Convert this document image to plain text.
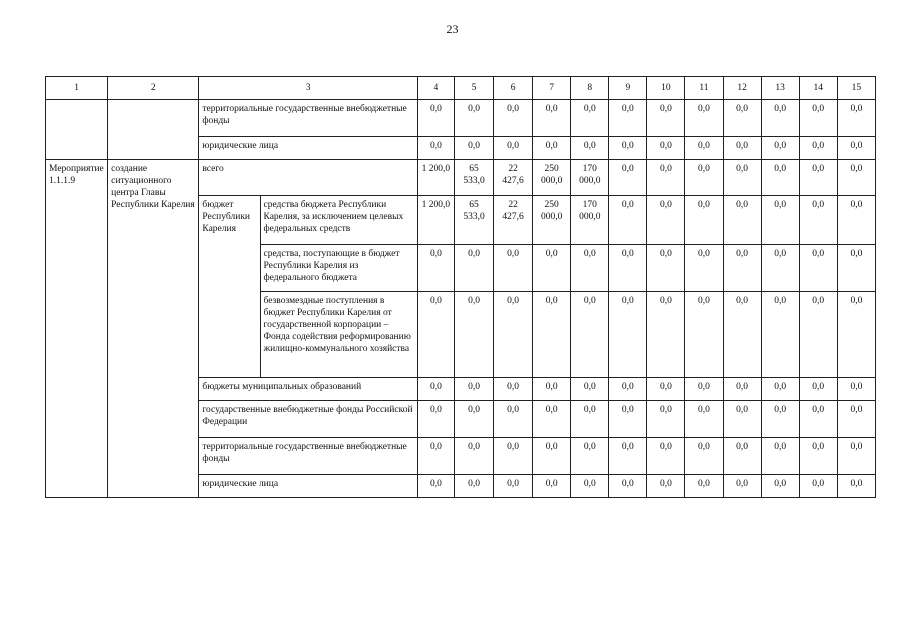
23
1	2	3		4	5	6	7	8	9	10	11	12	13	14	15
		территориальные государственные внебюджетные фонды		0,0	0,0	0,0	0,0	0,0	0,0	0,0	0,0	0,0	0,0	0,0	0,0
		юридические лица		0,0	0,0	0,0	0,0	0,0	0,0	0,0	0,0	0,0	0,0	0,0	0,0
Мероприятие 1.1.1.9	создание ситуационного центра Главы Республики Карелия	всего		1 200,0	65 533,0	22 427,6	250 000,0	170 000,0	0,0	0,0	0,0	0,0	0,0	0,0	0,0
		бюджет Республики Карелия	средства бюджета Республики Карелия, за исключением целевых федеральных средств	1 200,0	65 533,0	22 427,6	250 000,0	170 000,0	0,0	0,0	0,0	0,0	0,0	0,0	0,0
			средства, поступающие в бюджет Республики Карелия из федерального бюджета	0,0	0,0	0,0	0,0	0,0	0,0	0,0	0,0	0,0	0,0	0,0	0,0
			безвозмездные поступления в бюджет Республики Карелия от государственной корпорации – Фонда содействия реформированию жилищно-коммунального хозяйства	0,0	0,0	0,0	0,0	0,0	0,0	0,0	0,0	0,0	0,0	0,0	0,0
		бюджеты муниципальных образований		0,0	0,0	0,0	0,0	0,0	0,0	0,0	0,0	0,0	0,0	0,0	0,0
		государственные внебюджетные фонды Российской Федерации		0,0	0,0	0,0	0,0	0,0	0,0	0,0	0,0	0,0	0,0	0,0	0,0
		территориальные государственные внебюджетные фонды		0,0	0,0	0,0	0,0	0,0	0,0	0,0	0,0	0,0	0,0	0,0	0,0
		юридические лица		0,0	0,0	0,0	0,0	0,0	0,0	0,0	0,0	0,0	0,0	0,0	0,0
